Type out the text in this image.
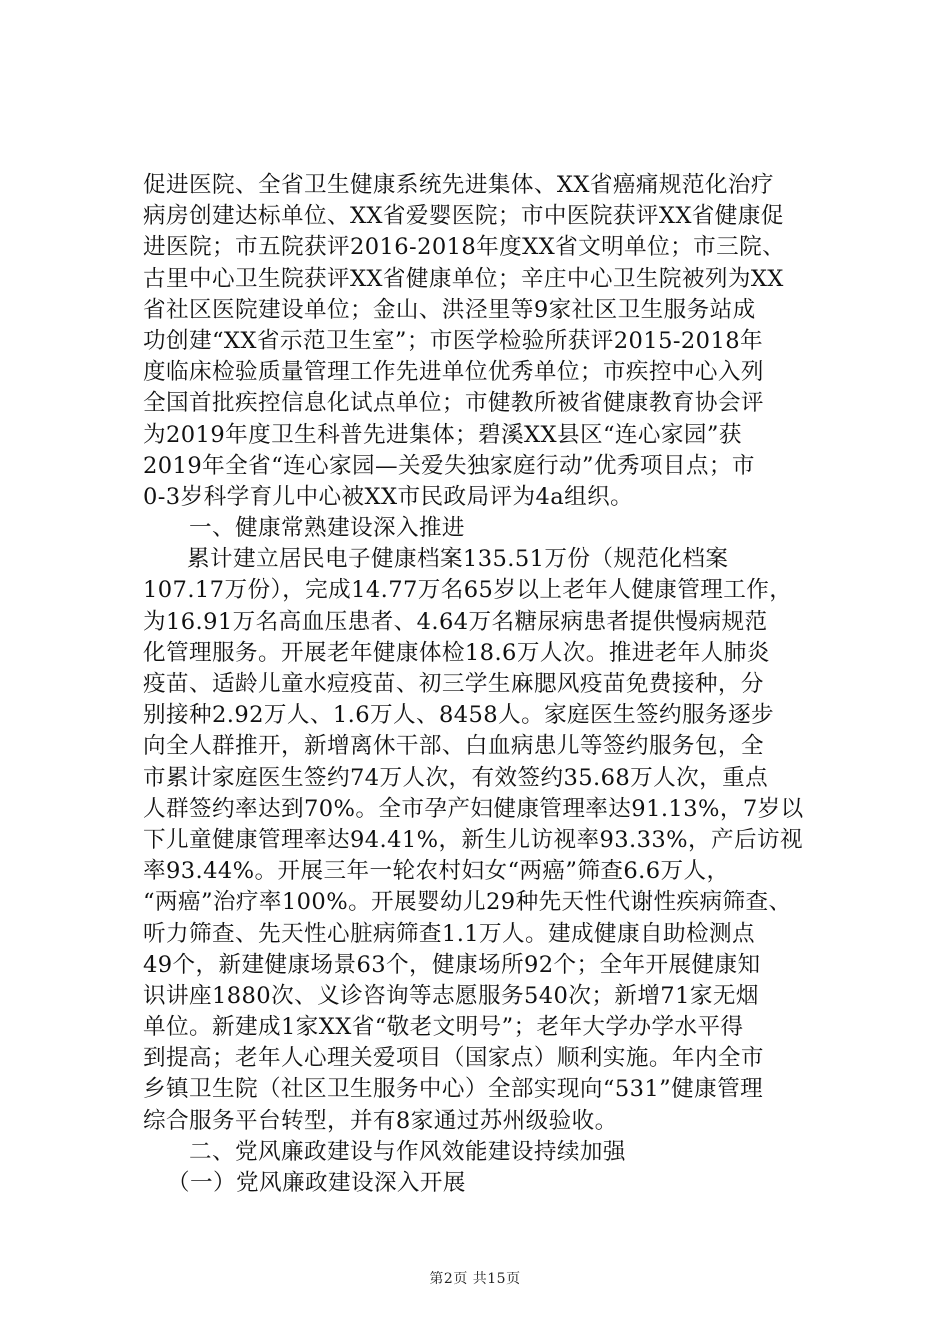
促进医院、全省卫生健康系统先进集体、XX省癌痛规范化治疗
病房创建达标单位、XX省爱婴医院；市中医院获评XX省健康促
进医院；市五院获评2016-2018年度XX省文明单位；市三院、
古里中心卫生院获评XX省健康单位；辛庄中心卫生院被列为XX
省社区医院建设单位；金山、洪泾里等9家社区卫生服务站成
功创建“XX省示范卫生室”；市医学检验所获评2015-2018年
度临床检验质量管理工作先进单位优秀单位；市疾控中心入列
全国首批疾控信息化试点单位；市健教所被省健康教育协会评
为2019年度卫生科普先进集体；碧溪XX县区“连心家园”获
2019年全省“连心家园—关爱失独家庭行动”优秀项目点；市
0-3岁科学育儿中心被XX市民政局评为4a组织。
一、健康常熟建设深入推进
累计建立居民电子健康档案135.51万份（规范化档案
107.17万份），完成14.77万名65岁以上老年人健康管理工作，
为16.91万名高血压患者、4.64万名糖尿病患者提供慢病规范
化管理服务。开展老年健康体检18.6万人次。推进老年人肺炎
疫苗、适龄儿童水痘疫苗、初三学生麻腮风疫苗免费接种，分
别接种2.92万人、1.6万人、8458人。家庭医生签约服务逐步
向全人群推开，新增离休干部、白血病患儿等签约服务包，全
市累计家庭医生签约74万人次，有效签约35.68万人次，重点
人群签约率达到70%。全市孕产妇健康管理率达91.13%，7岁以
下儿童健康管理率达94.41%，新生儿访视率93.33%，产后访视
率93.44%。开展三年一轮农村妇女“两癌”筛查6.6万人，
“两癌”治疗率100%。开展婴幼儿29种先天性代谢性疾病筛查、
听力筛查、先天性心脏病筛查1.1万人。建成健康自助检测点
49个，新建健康场景63个，健康场所92个；全年开展健康知
识讲座1880次、义诊咨询等志愿服务540次；新增71家无烟
单位。新建成1家XX省“敬老文明号”；老年大学办学水平得
到提高；老年人心理关爱项目（国家点）顺利实施。年内全市
乡镇卫生院（社区卫生服务中心）全部实现向“531”健康管理
综合服务平台转型，并有8家通过苏州级验收。
二、党风廉政建设与作风效能建设持续加强
（一）党风廉政建设深入开展
第2页 共15页
